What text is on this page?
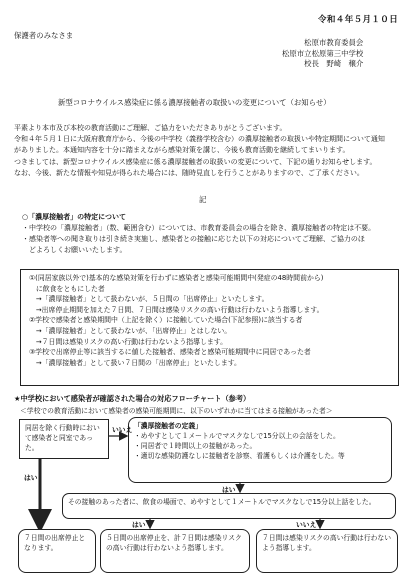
令和４年５月１０日
保護者のみなさま
松原市教育委員会
松原市立松原第三中学校
校長　野崎　穣介
新型コロナウイルス感染症に係る濃厚接触者の取扱いの変更について（お知らせ）

平素より本市及び本校の教育活動にご理解、ご協力をいただきありがとうございます。

令和４年５月１日に大阪府教育庁から、今後の中学校（義務学校含む）の濃厚接触者の取扱いや特定期間について通知

がありました。本通知内容を十分に踏まえながら感染対策を講じ、今後も教育活動を継続してまいります。

つきましては、新型コロナウイルス感染症に係る濃厚接触者の取扱いの変更について、下記の通りお知らせします。

なお、今後、新たな情報や知見が得られた場合には、随時見直しを行うことがありますので、ご了承ください。

記
○「濃厚接触者」の特定について
・中学校の「濃厚接触者」（数、範囲含む）については、市教育委員会の場合を除き、濃厚接触者の特定は不要。
・感染者等への聞き取りは引き続き実施し、感染者との接触に応じた以下の対応についてご理解、ご協力のほ
　どよろしくお願いいたします。
①(同居家族以外で)基本的な感染対策を行わずに感染者と感染可能期間中(発症の48時間前から)
　に飲食をともにした者
　→「濃厚接触者」として扱わないが、５日間の「出席停止」といたします。
　→出席停止期間を加えた７日間、７日間は感染リスクの高い行動は行わないよう指導します。
②学校で感染者と感染期間中（上記を除く）に接触していた場合(下記参照)に該当する者
　→「濃厚接触者」として扱わないが、「出席停止」とはしない。
　→７日間は感染リスクの高い行動は行わないよう指導します。
③学校で出席停止等に該当するに値した接触者、感染者と感染可能期間中に同居であった者
　→「濃厚接触者」として扱い７日間の「出席停止」といたします。
★中学校において感染者が確認された場合の対応フローチャート（参考）
＜学校での教育活動において感染者の感染可能期間に、以下のいずれかに当てはまる接触があった者＞
同居を除く行動時において感染者と同室であった。
「濃厚接触者の定義」
・めやすとして１メートルでマスクなしで15分以上の会話をした。
・同居者で１時間以上の接触があった。
・適切な感染防護なしに接触者を診察、看護もしくは介護をした。等
その接触のあった者に、飲食の場面で、めやすとして１メートルでマスクなしで15分以上話をした。
７日間の出席停止となります。
５日間の出席停止を、計７日間は感染リスクの高い行動は行わないよう指導します。
７日間は感染リスクの高い行動は行わないよう指導します。
いいえ
はい
はい
はい	いいえ
